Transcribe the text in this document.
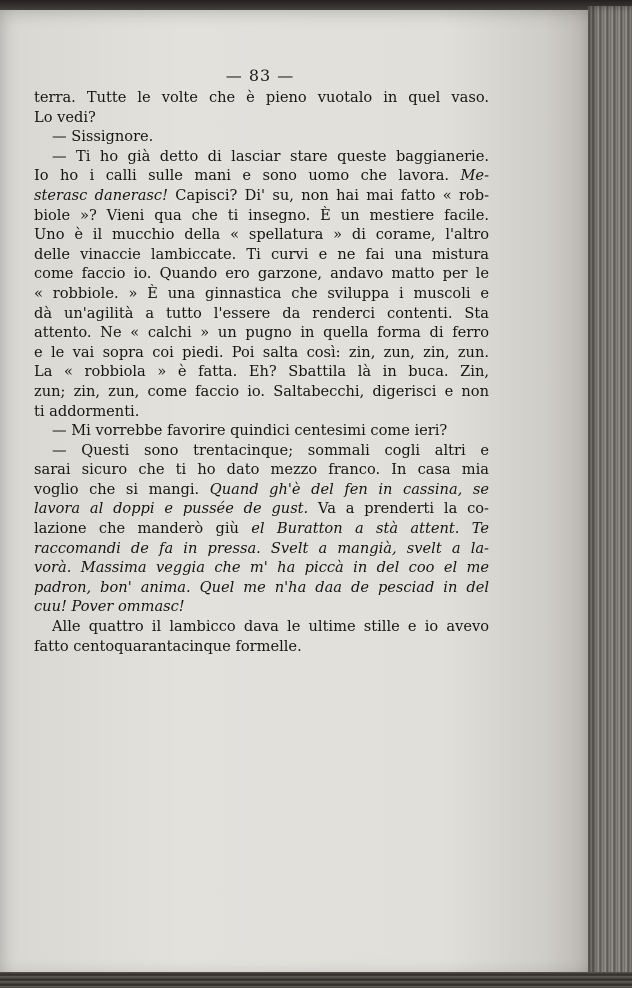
— 83 —
terra. Tutte le volte che è pieno vuotalo in quel vaso.
Lo vedi?
— Sissignore.
— Ti ho già detto di lasciar stare queste baggianerie.
Io ho i calli sulle mani e sono uomo che lavora. Me-
sterasc danerasc! Capisci? Di' su, non hai mai fatto « rob-
biole »? Vieni qua che ti insegno. È un mestiere facile.
Uno è il mucchio della « spellatura » di corame, l'altro
delle vinaccie lambiccate. Ti curvi e ne fai una mistura
come faccio io. Quando ero garzone, andavo matto per le
« robbiole. » È una ginnastica che sviluppa i muscoli e
dà un'agilità a tutto l'essere da renderci contenti. Sta
attento. Ne « calchi » un pugno in quella forma di ferro
e le vai sopra coi piedi. Poi salta così: zin, zun, zin, zun.
La « robbiola » è fatta. Eh? Sbattila là in buca. Zin,
zun; zin, zun, come faccio io. Saltabecchi, digerisci e non
ti addormenti.
— Mi vorrebbe favorire quindici centesimi come ieri?
— Questi sono trentacinque; sommali cogli altri e
sarai sicuro che ti ho dato mezzo franco. In casa mia
voglio che si mangi. Quand gh'è del fen in cassina, se
lavora al doppi e pussée de gust. Va a prenderti la co-
lazione che manderò giù el Buratton a stà attent. Te
raccomandi de fa in pressa. Svelt a mangià, svelt a la-
vorà. Massima veggia che m' ha piccà in del coo el me
padron, bon' anima. Quel me n'ha daa de pesciad in del
cuu! Pover ommasc!
Alle quattro il lambicco dava le ultime stille e io avevo
fatto centoquarantacinque formelle.
